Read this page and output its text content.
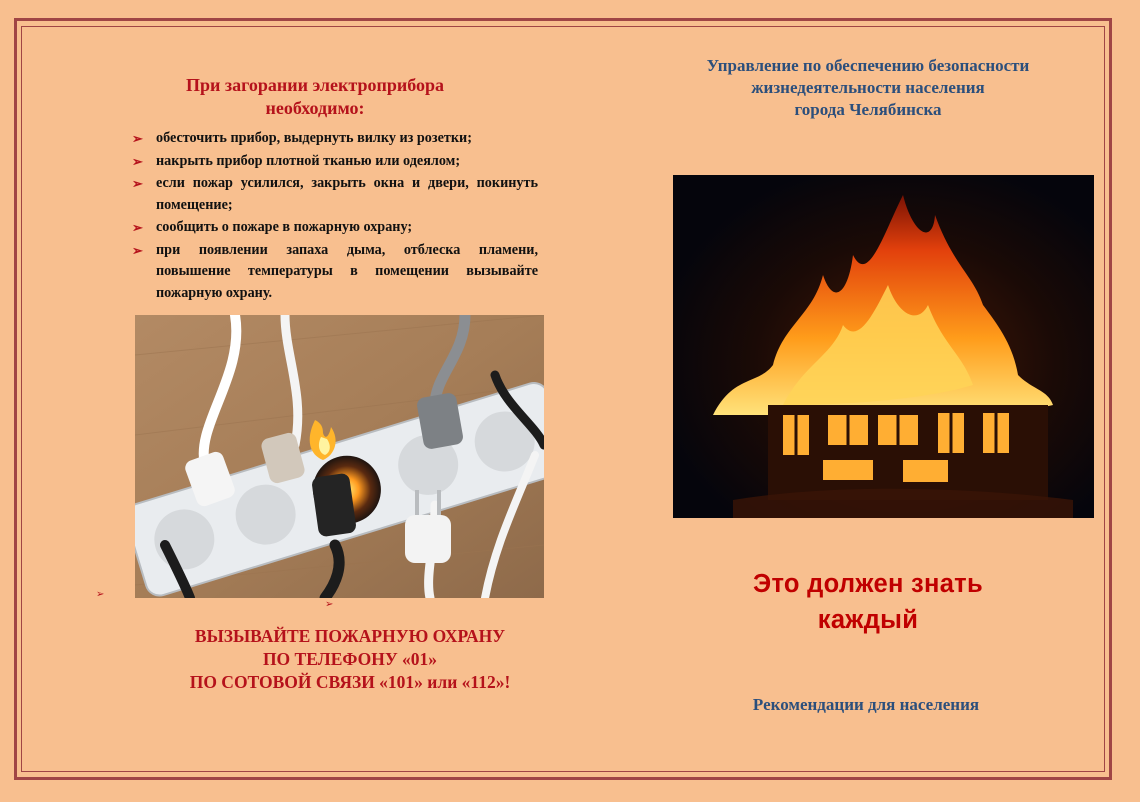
При загорании электроприбора
необходимо:
➢ обесточить прибор, выдернуть вилку из розетки;
➢ накрыть прибор плотной тканью или одеялом;
➢ если пожар усилился, закрыть окна и двери, покинуть помещение;
➢ сообщить о пожаре в пожарную охрану;
➢ при появлении запаха дыма, отблеска пламени, повышение температуры в помещении вызывайте пожарную охрану.
➢
➢
ВЫЗЫВАЙТЕ ПОЖАРНУЮ ОХРАНУ
ПО ТЕЛЕФОНУ «01»
ПО СОТОВОЙ СВЯЗИ «101» или «112»!
Управление по обеспечению безопасности
жизнедеятельности населения
города Челябинска
Это должен знать
каждый
Рекомендации для населения
